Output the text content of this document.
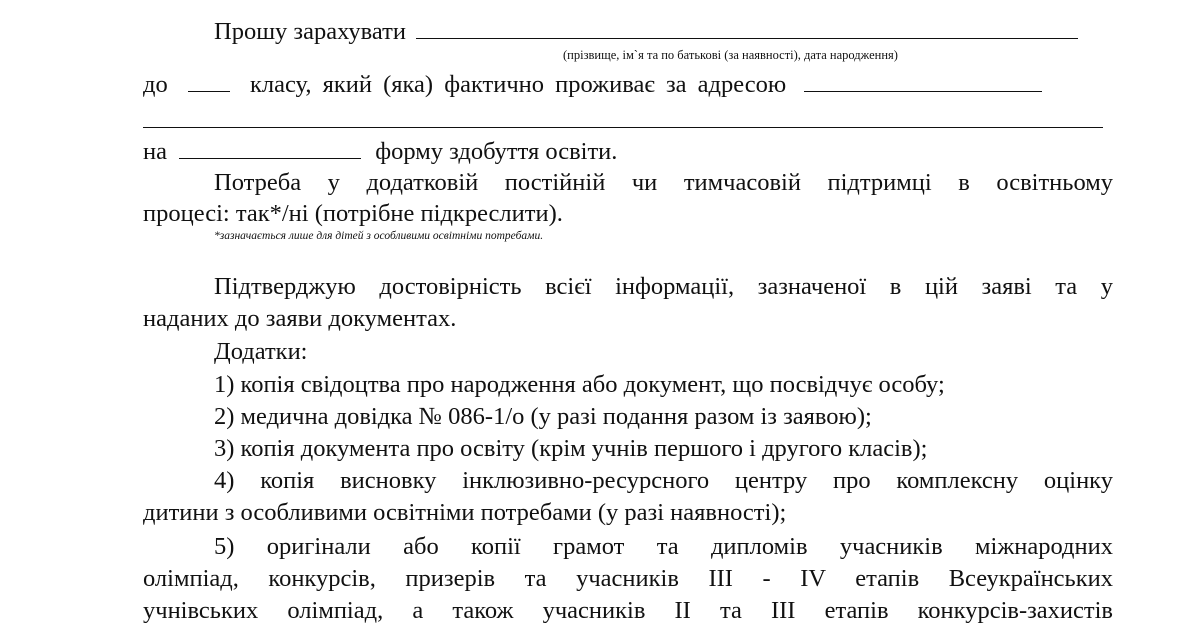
Прошу зарахувати
(прізвище, ім`я та по батькові (за наявності), дата народження)
до	класу, який (яка) фактично проживає за адресою
на	форму здобуття освіти.
Потреба у додатковій постійній чи тимчасовій підтримці в освітньому
процесі: так*/ні (потрібне підкреслити).
*зазначається лише для дітей з особливими освітніми потребами.
Підтверджую достовірність всієї інформації, зазначеної в цій заяві та у
наданих до заяви документах.
Додатки:
1) копія свідоцтва про народження або документ, що посвідчує особу;
2) медична довідка № 086-1/о (у разі подання разом із заявою);
3) копія документа про освіту (крім учнів першого і другого класів);
4) копія висновку інклюзивно-ресурсного центру про комплексну оцінку
дитини з особливими освітніми потребами (у разі наявності);
5) оригінали або копії грамот та дипломів учасників міжнародних
олімпіад, конкурсів, призерів та учасників III - IV етапів Всеукраїнських
учнівських олімпіад, а також учасників II та III етапів конкурсів-захистів
